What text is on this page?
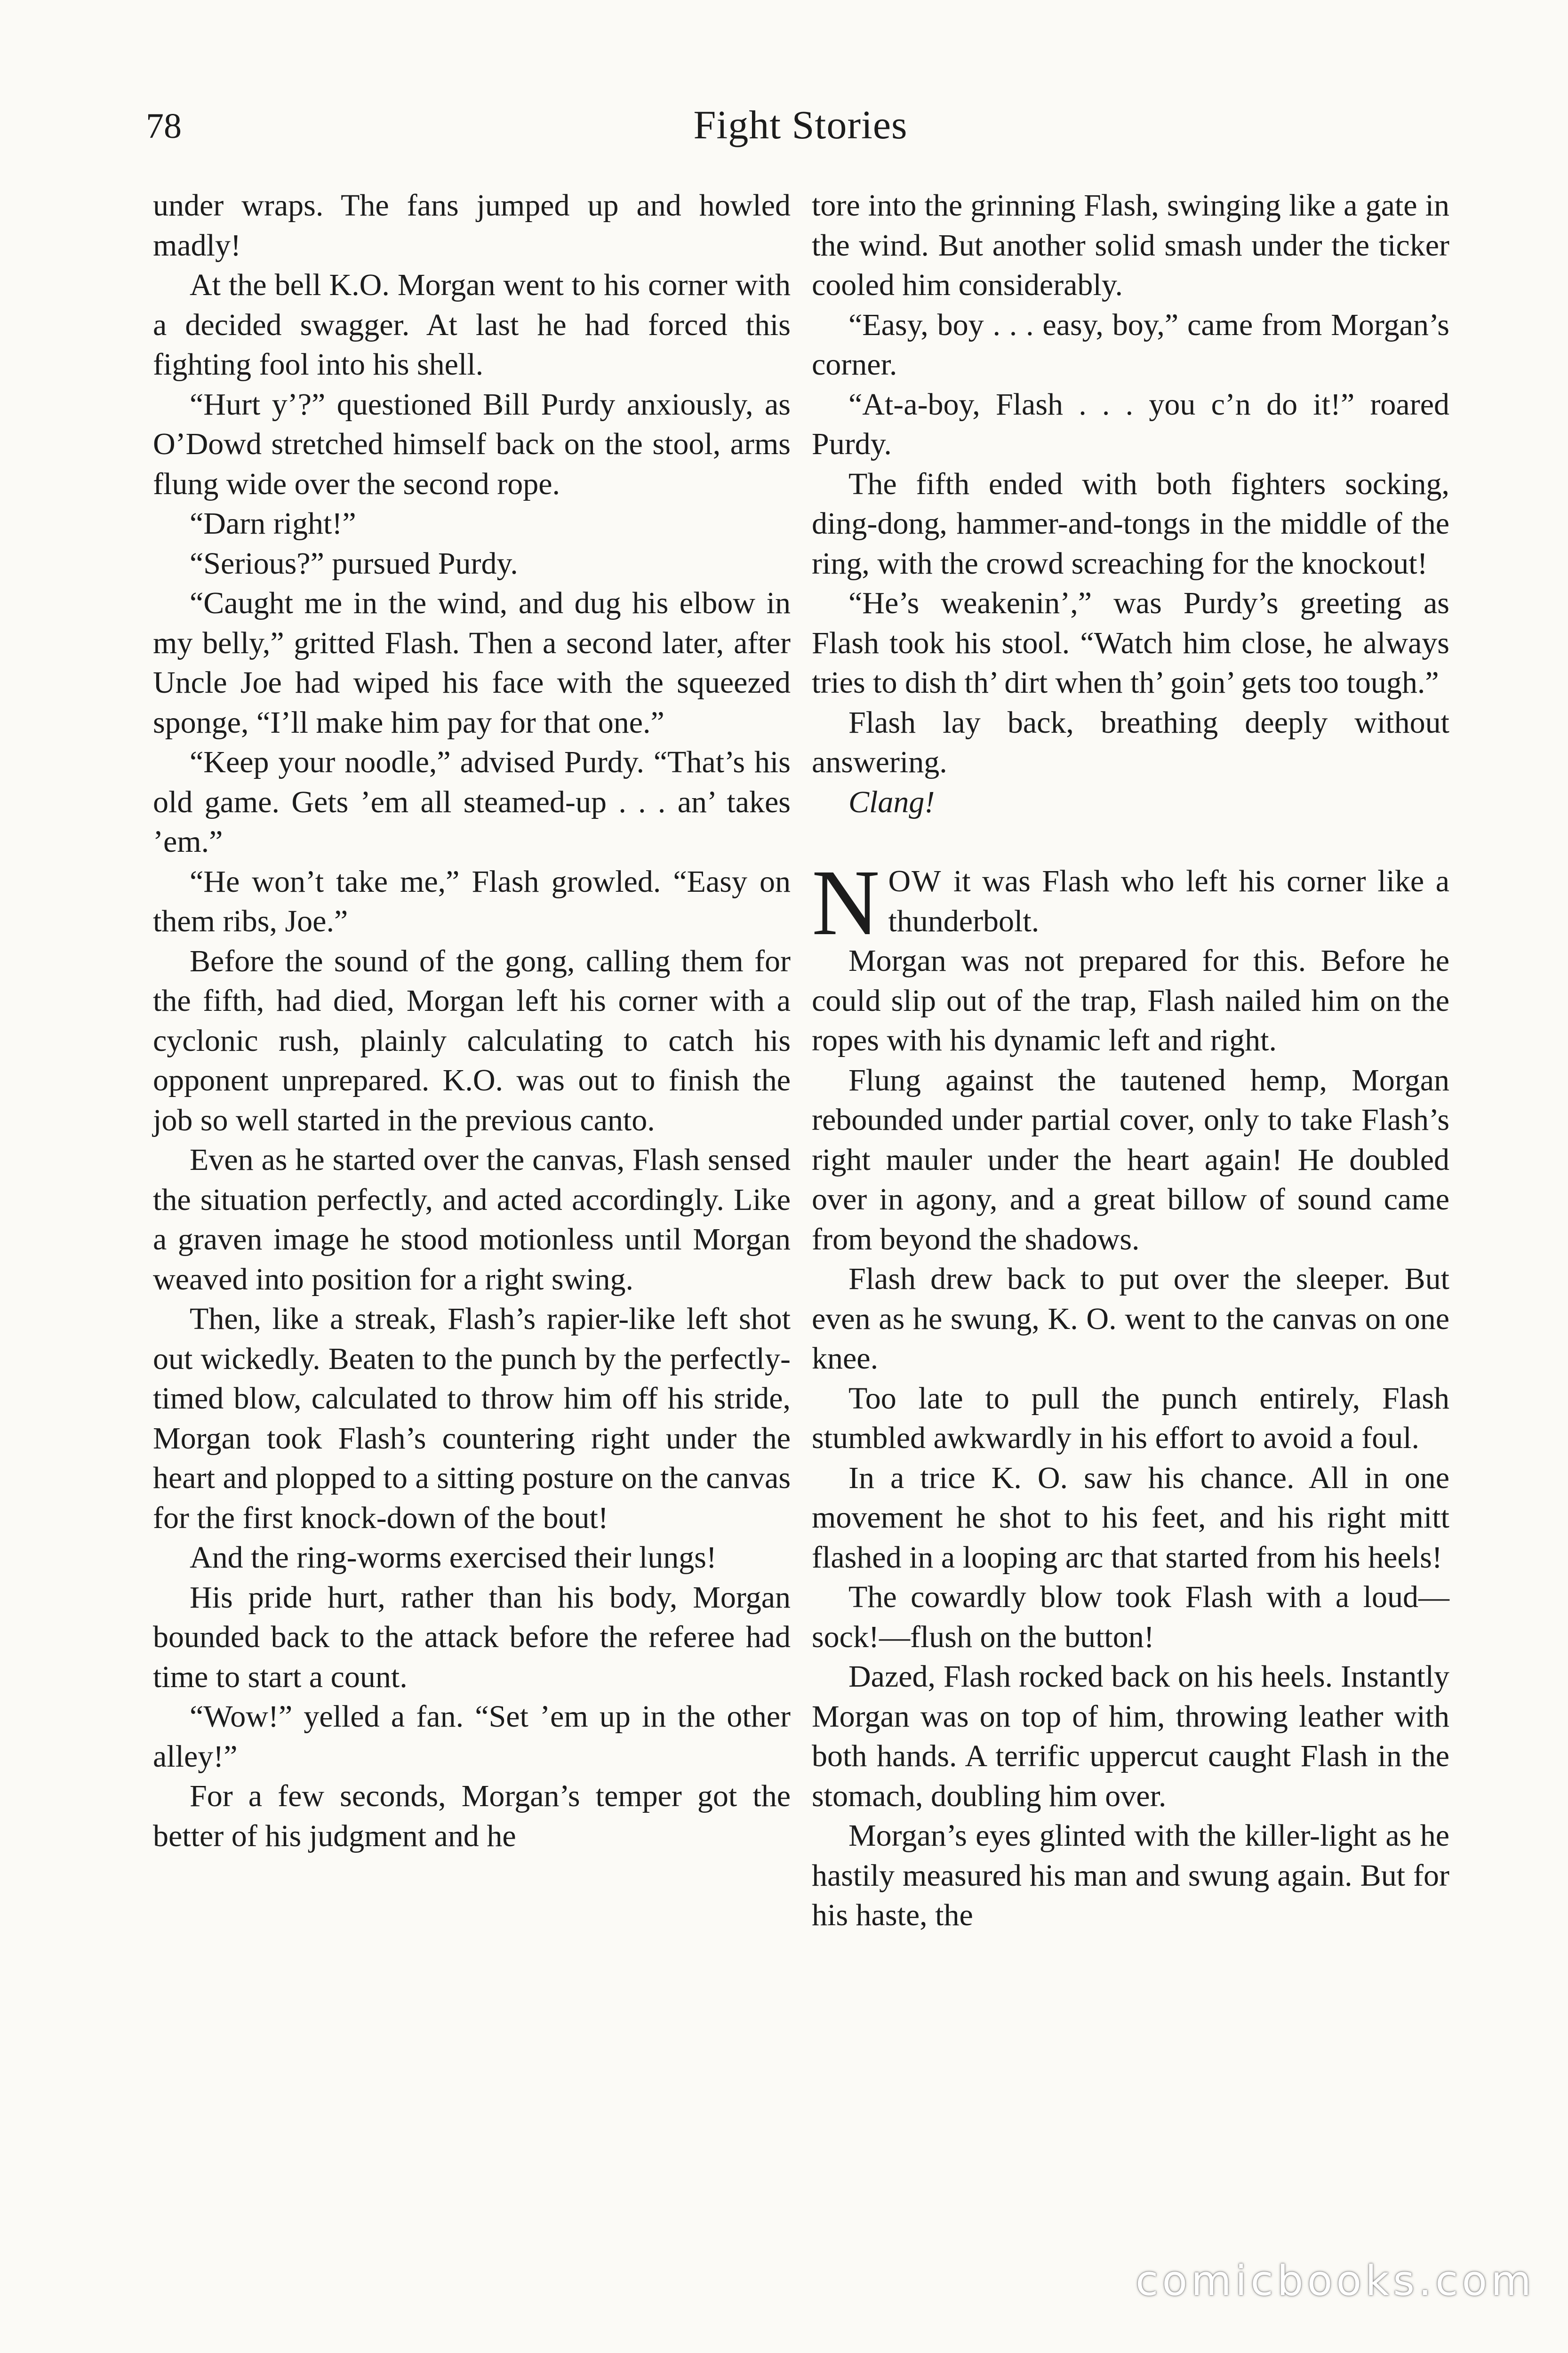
78	Fight Stories

under wraps. The fans jumped up and howled madly!

At the bell K.O. Morgan went to his corner with a decided swagger. At last he had forced this fighting fool into his shell.

“Hurt y’?” questioned Bill Purdy anxiously, as O’Dowd stretched himself back on the stool, arms flung wide over the second rope.

“Darn right!”

“Serious?” pursued Purdy.

“Caught me in the wind, and dug his elbow in my belly,” gritted Flash. Then a second later, after Uncle Joe had wiped his face with the squeezed sponge, “I’ll make him pay for that one.”

“Keep your noodle,” advised Purdy. “That’s his old game. Gets ’em all steamed-up . . . an’ takes ’em.”

“He won’t take me,” Flash growled. “Easy on them ribs, Joe.”

Before the sound of the gong, calling them for the fifth, had died, Morgan left his corner with a cyclonic rush, plainly calculating to catch his opponent unprepared. K.O. was out to finish the job so well started in the previous canto.

Even as he started over the canvas, Flash sensed the situation perfectly, and acted accordingly. Like a graven image he stood motionless until Morgan weaved into position for a right swing.

Then, like a streak, Flash’s rapier-like left shot out wickedly. Beaten to the punch by the perfectly-timed blow, calculated to throw him off his stride, Morgan took Flash’s countering right under the heart and plopped to a sitting posture on the canvas for the first knock-down of the bout!

And the ring-worms exercised their lungs!

His pride hurt, rather than his body, Morgan bounded back to the attack before the referee had time to start a count.

“Wow!” yelled a fan. “Set ’em up in the other alley!”

For a few seconds, Morgan’s temper got the better of his judgment and he

tore into the grinning Flash, swinging like a gate in the wind. But another solid smash under the ticker cooled him considerably.

“Easy, boy . . . easy, boy,” came from Morgan’s corner.

“At-a-boy, Flash . . . you c’n do it!” roared Purdy.

The fifth ended with both fighters socking, ding-dong, hammer-and-tongs in the middle of the ring, with the crowd screaching for the knockout!

“He’s weakenin’,” was Purdy’s greeting as Flash took his stool. “Watch him close, he always tries to dish th’ dirt when th’ goin’ gets too tough.”

Flash lay back, breathing deeply without answering.

Clang!

NOW it was Flash who left his corner like a thunderbolt.

Morgan was not prepared for this. Before he could slip out of the trap, Flash nailed him on the ropes with his dynamic left and right.

Flung against the tautened hemp, Morgan rebounded under partial cover, only to take Flash’s right mauler under the heart again! He doubled over in agony, and a great billow of sound came from beyond the shadows.

Flash drew back to put over the sleeper. But even as he swung, K. O. went to the canvas on one knee.

Too late to pull the punch entirely, Flash stumbled awkwardly in his effort to avoid a foul.

In a trice K. O. saw his chance. All in one movement he shot to his feet, and his right mitt flashed in a looping arc that started from his heels!

The cowardly blow took Flash with a loud—sock!—flush on the button!

Dazed, Flash rocked back on his heels. Instantly Morgan was on top of him, throwing leather with both hands. A terrific uppercut caught Flash in the stomach, doubling him over.

Morgan’s eyes glinted with the killer-light as he hastily measured his man and swung again. But for his haste, the

comicbooks.com
